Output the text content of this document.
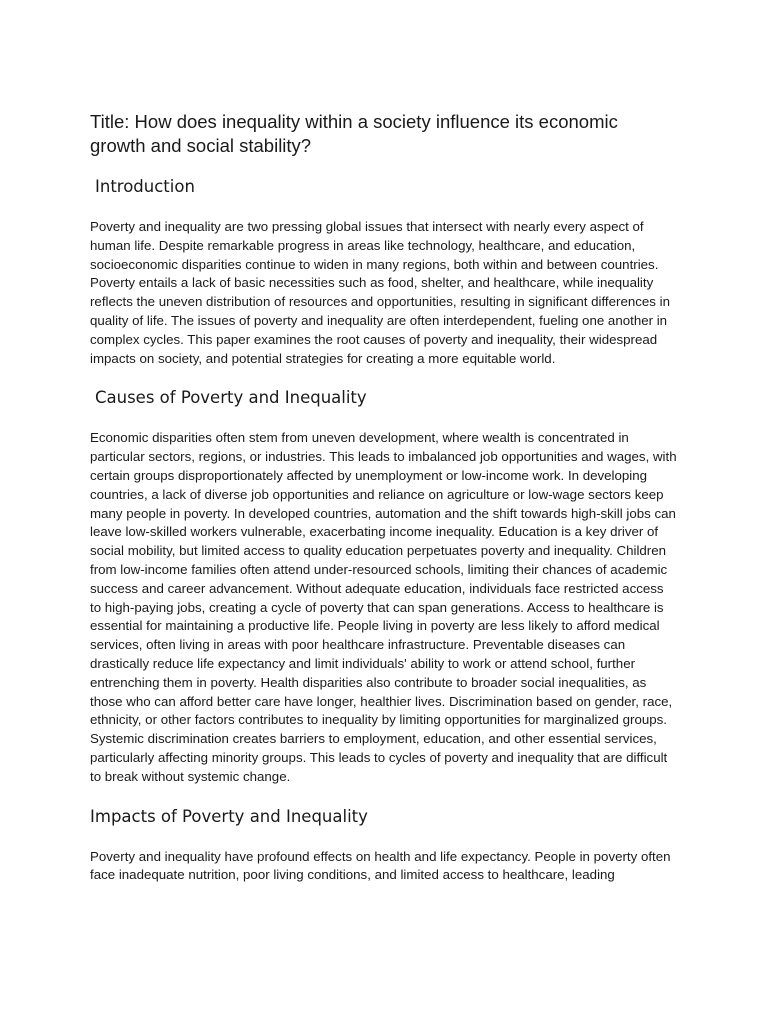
Title: How does inequality within a society influence its economic growth and social stability?

Introduction

Poverty and inequality are two pressing global issues that intersect with nearly every aspect of human life. Despite remarkable progress in areas like technology, healthcare, and education, socioeconomic disparities continue to widen in many regions, both within and between countries. Poverty entails a lack of basic necessities such as food, shelter, and healthcare, while inequality reflects the uneven distribution of resources and opportunities, resulting in significant differences in quality of life. The issues of poverty and inequality are often interdependent, fueling one another in complex cycles. This paper examines the root causes of poverty and inequality, their widespread impacts on society, and potential strategies for creating a more equitable world.

Causes of Poverty and Inequality

Economic disparities often stem from uneven development, where wealth is concentrated in particular sectors, regions, or industries. This leads to imbalanced job opportunities and wages, with certain groups disproportionately affected by unemployment or low-income work. In developing countries, a lack of diverse job opportunities and reliance on agriculture or low-wage sectors keep many people in poverty. In developed countries, automation and the shift towards high-skill jobs can leave low-skilled workers vulnerable, exacerbating income inequality. Education is a key driver of social mobility, but limited access to quality education perpetuates poverty and inequality. Children from low-income families often attend under-resourced schools, limiting their chances of academic success and career advancement. Without adequate education, individuals face restricted access to high-paying jobs, creating a cycle of poverty that can span generations. Access to healthcare is essential for maintaining a productive life. People living in poverty are less likely to afford medical services, often living in areas with poor healthcare infrastructure. Preventable diseases can drastically reduce life expectancy and limit individuals' ability to work or attend school, further entrenching them in poverty. Health disparities also contribute to broader social inequalities, as those who can afford better care have longer, healthier lives. Discrimination based on gender, race, ethnicity, or other factors contributes to inequality by limiting opportunities for marginalized groups. Systemic discrimination creates barriers to employment, education, and other essential services, particularly affecting minority groups. This leads to cycles of poverty and inequality that are difficult to break without systemic change.

Impacts of Poverty and Inequality

Poverty and inequality have profound effects on health and life expectancy. People in poverty often face inadequate nutrition, poor living conditions, and limited access to healthcare, leading
